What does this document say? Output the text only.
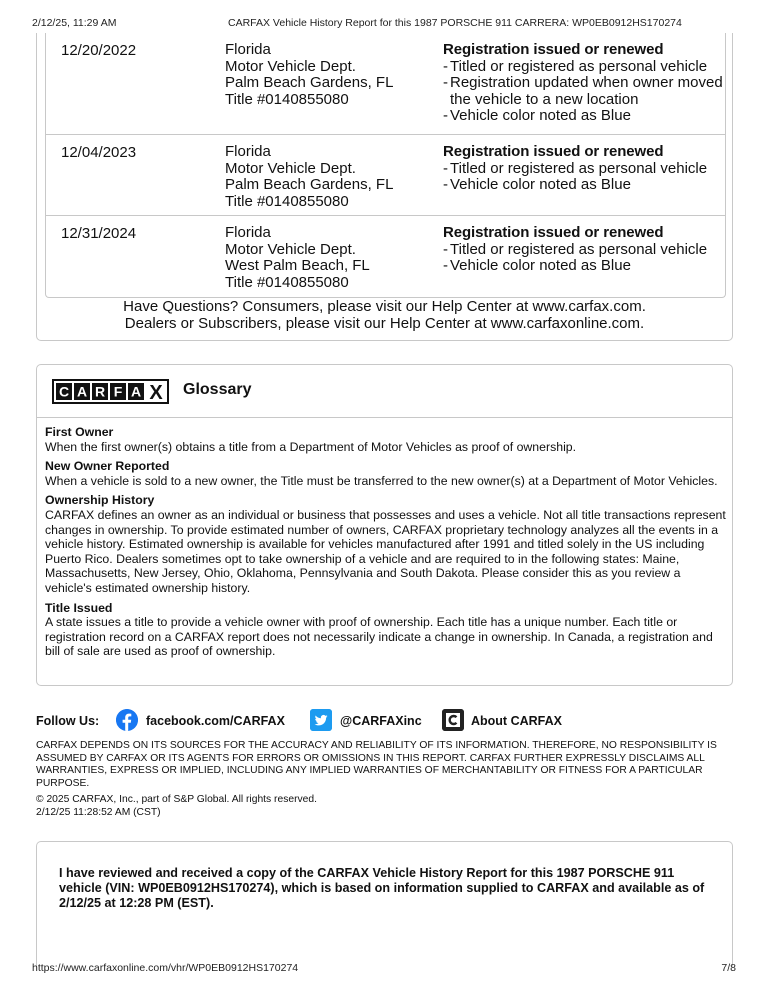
2/12/25, 11:29 AM	CARFAX Vehicle History Report for this 1987 PORSCHE 911 CARRERA: WP0EB0912HS170274
12/20/2022	Florida
Motor Vehicle Dept.
Palm Beach Gardens, FL
Title #0140855080
Registration issued or renewed
- Titled or registered as personal vehicle
- Registration updated when owner moved the vehicle to a new location
- Vehicle color noted as Blue
12/04/2023	Florida
Motor Vehicle Dept.
Palm Beach Gardens, FL
Title #0140855080
Registration issued or renewed
- Titled or registered as personal vehicle
- Vehicle color noted as Blue
12/31/2024	Florida
Motor Vehicle Dept.
West Palm Beach, FL
Title #0140855080
Registration issued or renewed
- Titled or registered as personal vehicle
- Vehicle color noted as Blue
Have Questions? Consumers, please visit our Help Center at www.carfax.com. Dealers or Subscribers, please visit our Help Center at www.carfaxonline.com.
C A R F A X Glossary
First Owner
When the first owner(s) obtains a title from a Department of Motor Vehicles as proof of ownership.
New Owner Reported
When a vehicle is sold to a new owner, the Title must be transferred to the new owner(s) at a Department of Motor Vehicles.
Ownership History
CARFAX defines an owner as an individual or business that possesses and uses a vehicle. Not all title transactions represent changes in ownership. To provide estimated number of owners, CARFAX proprietary technology analyzes all the events in a vehicle history. Estimated ownership is available for vehicles manufactured after 1991 and titled solely in the US including Puerto Rico. Dealers sometimes opt to take ownership of a vehicle and are required to in the following states: Maine, Massachusetts, New Jersey, Ohio, Oklahoma, Pennsylvania and South Dakota. Please consider this as you review a vehicle's estimated ownership history.
Title Issued
A state issues a title to provide a vehicle owner with proof of ownership. Each title has a unique number. Each title or registration record on a CARFAX report does not necessarily indicate a change in ownership. In Canada, a registration and bill of sale are used as proof of ownership.
Follow Us:	facebook.com/CARFAX	@CARFAXinc	About CARFAX
CARFAX DEPENDS ON ITS SOURCES FOR THE ACCURACY AND RELIABILITY OF ITS INFORMATION. THEREFORE, NO RESPONSIBILITY IS ASSUMED BY CARFAX OR ITS AGENTS FOR ERRORS OR OMISSIONS IN THIS REPORT. CARFAX FURTHER EXPRESSLY DISCLAIMS ALL WARRANTIES, EXPRESS OR IMPLIED, INCLUDING ANY IMPLIED WARRANTIES OF MERCHANTABILITY OR FITNESS FOR A PARTICULAR PURPOSE.
© 2025 CARFAX, Inc., part of S&P Global. All rights reserved.
2/12/25 11:28:52 AM (CST)
I have reviewed and received a copy of the CARFAX Vehicle History Report for this 1987 PORSCHE 911 vehicle (VIN: WP0EB0912HS170274), which is based on information supplied to CARFAX and available as of 2/12/25 at 12:28 PM (EST).
https://www.carfaxonline.com/vhr/WP0EB0912HS170274	7/8
